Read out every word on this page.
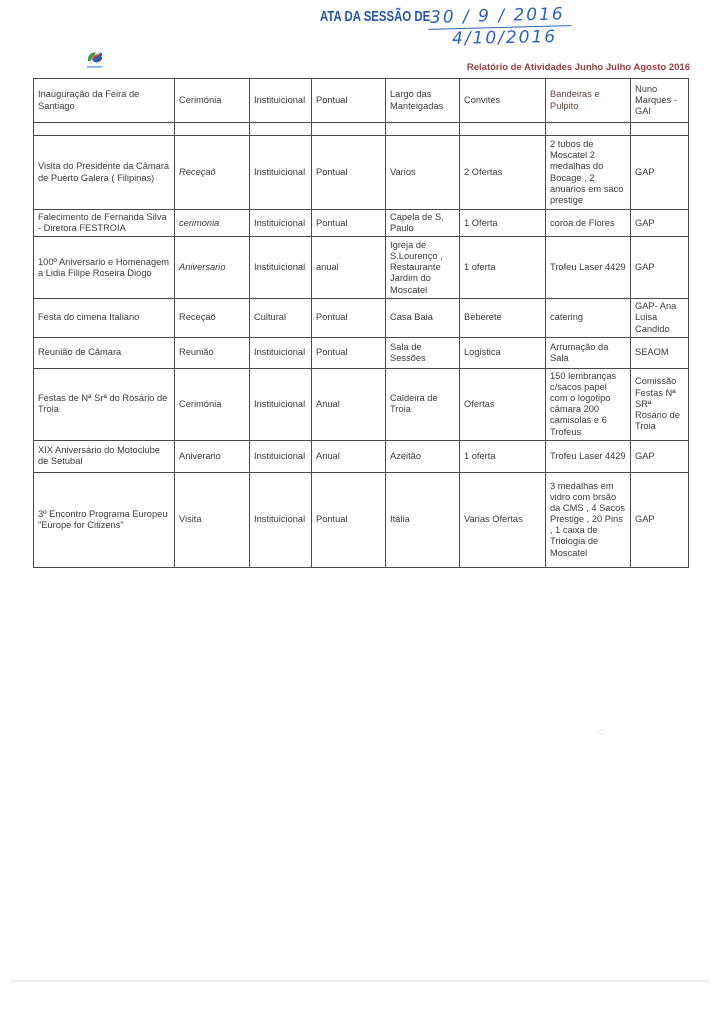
ATA DA SESSÃO DE 30 / 9 / 2016
4/10/2016
Relatório de Atividades Junho Julho Agosto 2016
Inauguração da Feira de Santiago	Cerimónia	Instituicional	Pontual	Largo das Manteigadas	Convites	Bandeiras e Pulpito	Nuno Marques - GAI

Visita do Presidente da Câmara de Puerto Galera ( Filipinas)	Receçaõ	Instituicional	Pontual	Varios	2 Ofertas	2 tubos de Moscatel 2 medalhas do Bocage , 2 anuarios em saco prestige	GAP
Falecimento de Fernanda Silva - Diretora FESTROIA	cerimonia	Instituicional	Pontual	Capela de S. Paulo	1 Oferta	coroa de Flores	GAP
100º Aniversario e Homenagem a Lidia Filipe Roseira Diogo	Aniversario	Instituicional	anual	Igreja de S.Lourenço , Restaurante Jardim do Moscatel	1 oferta	Trofeu Laser 4429	GAP
Festa do cimena Italiano	Receçaõ	Cultural	Pontual	Casa Baia	Beberete	catering	GAP- Ana Luisa Candido
Reunião de Câmara	Reunião	Instituicional	Pontual	Sala de Sessões	Logistica	Arrumação da Sala	SEAOM
Festas de Nª Srª do Rosário de Troia	Cerimónia	Instituicional	Anual	Caldeira de Troia	Ofertas	150 lembranças c/sacos papel com o logotipo câmara 200 camisolas e 6 Trofeus	Comissão Festas Nª SRª Rosário de Troia
XIX Aniversário do Motoclube de Setubal	Aniverario	Instituicional	Anual	Azeitão	1 oferta	Trofeu Laser 4429	GAP
3º Encontro Programa Europeu "Europe for Citizens"	Visita	Instituicional	Pontual	Itália	Varias Ofertas	3 medalhas em vidro com brsão da CMS , 4 Sacos Prestige , 20 Pins , 1 caixa de Triologia de Moscatel	GAP
